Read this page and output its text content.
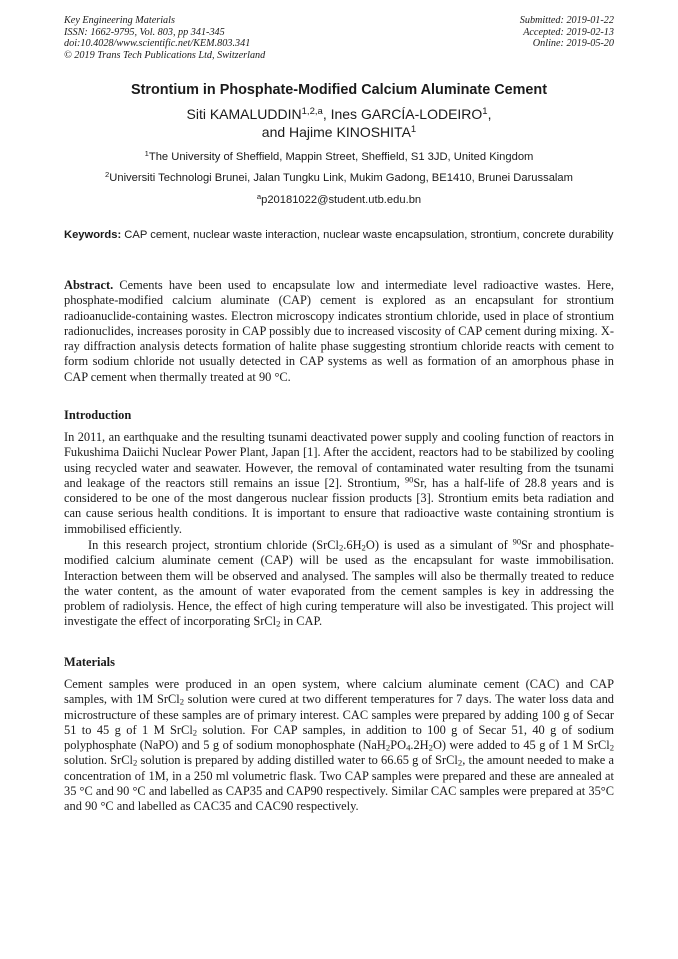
Key Engineering Materials
ISSN: 1662-9795, Vol. 803, pp 341-345
doi:10.4028/www.scientific.net/KEM.803.341
© 2019 Trans Tech Publications Ltd, Switzerland
Submitted: 2019-01-22
Accepted: 2019-02-13
Online: 2019-05-20
Strontium in Phosphate-Modified Calcium Aluminate Cement
Siti KAMALUDDIN$^{1,2,a}$, Ines GARCÍA-LODEIRO$^1$,
and Hajime KINOSHITA$^1$
$^1$The University of Sheffield, Mappin Street, Sheffield, S1 3JD, United Kingdom
$^2$Universiti Technologi Brunei, Jalan Tungku Link, Mukim Gadong, BE1410, Brunei Darussalam
$^a$p20181022@student.utb.edu.bn
Keywords: CAP cement, nuclear waste interaction, nuclear waste encapsulation, strontium, concrete durability
Abstract. Cements have been used to encapsulate low and intermediate level radioactive wastes. Here, phosphate-modified calcium aluminate (CAP) cement is explored as an encapsulant for strontium radioanuclide-containing wastes. Electron microscopy indicates strontium chloride, used in place of strontium radionuclides, increases porosity in CAP possibly due to increased viscosity of CAP cement during mixing. X-ray diffraction analysis detects formation of halite phase suggesting strontium chloride reacts with cement to form sodium chloride not usually detected in CAP systems as well as formation of an amorphous phase in CAP cement when thermally treated at 90 °C.
Introduction
In 2011, an earthquake and the resulting tsunami deactivated power supply and cooling function of reactors in Fukushima Daiichi Nuclear Power Plant, Japan [1]. After the accident, reactors had to be stabilized by cooling using recycled water and seawater. However, the removal of contaminated water resulting from the tsunami and leakage of the reactors still remains an issue [2]. Strontium, $^{90}$Sr, has a half-life of 28.8 years and is considered to be one of the most dangerous nuclear fission products [3]. Strontium emits beta radiation and can cause serious health conditions. It is important to ensure that radioactive waste containing strontium is immobilised efficiently.
In this research project, strontium chloride $(SrCl_2.6H_2O)$ is used as a simulant of $^{90}$Sr and phosphate-modified calcium aluminate cement (CAP) will be used as the encapsulant for waste immobilisation. Interaction between them will be observed and analysed. The samples will also be thermally treated to reduce the water content, as the amount of water evaporated from the cement samples is key in addressing the problem of radiolysis. Hence, the effect of high curing temperature will also be investigated. This project will investigate the effect of incorporating SrCl$_2$ in CAP.
Materials
Cement samples were produced in an open system, where calcium aluminate cement (CAC) and CAP samples, with 1M SrCl$_2$ solution were cured at two different temperatures for 7 days. The water loss data and microstructure of these samples are of primary interest. CAC samples were prepared by adding 100 g of Secar 51 to 45 g of 1 M SrCl$_2$ solution. For CAP samples, in addition to 100 g of Secar 51, 40 g of sodium polyphosphate (NaPO) and 5 g of sodium monophosphate $(NaH_2PO_4.2H_2O)$ were added to 45 g of 1 M SrCl$_2$ solution. SrCl$_2$ solution is prepared by adding distilled water to 66.65 g of SrCl$_2$, the amount needed to make a concentration of 1M, in a 250 ml volumetric flask. Two CAP samples were prepared and these are annealed at 35 °C and 90 °C and labelled as CAP35 and CAP90 respectively. Similar CAC samples were prepared at 35°C and 90 °C and labelled as CAC35 and CAC90 respectively.
